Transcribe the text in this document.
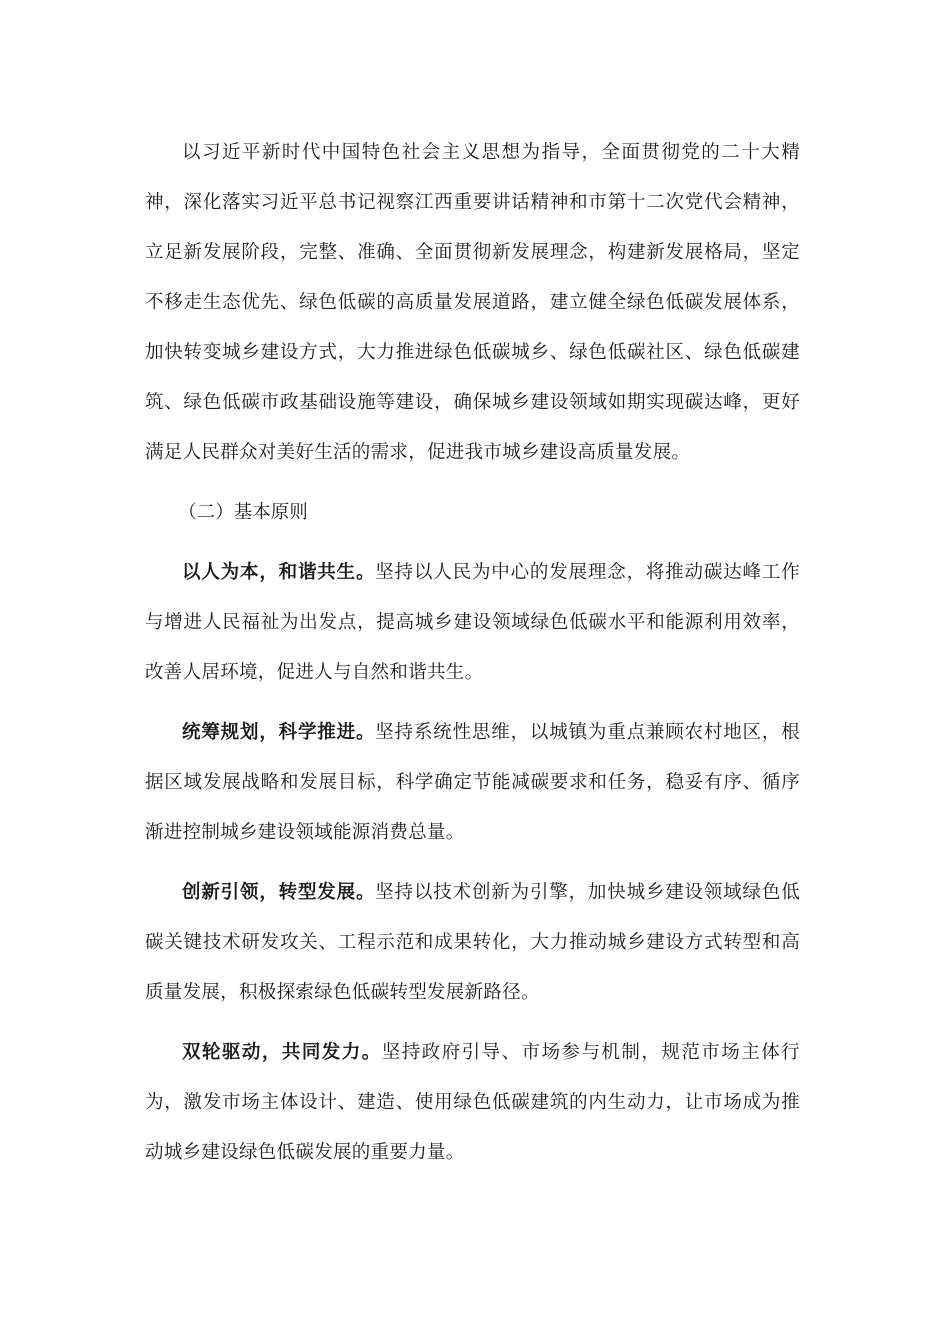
以习近平新时代中国特色社会主义思想为指导，全面贯彻党的二十大精神，深化落实习近平总书记视察江西重要讲话精神和市第十二次党代会精神，立足新发展阶段，完整、准确、全面贯彻新发展理念，构建新发展格局，坚定不移走生态优先、绿色低碳的高质量发展道路，建立健全绿色低碳发展体系，加快转变城乡建设方式，大力推进绿色低碳城乡、绿色低碳社区、绿色低碳建筑、绿色低碳市政基础设施等建设，确保城乡建设领域如期实现碳达峰，更好满足人民群众对美好生活的需求，促进我市城乡建设高质量发展。

（二）基本原则

以人为本，和谐共生。坚持以人民为中心的发展理念，将推动碳达峰工作与增进人民福祉为出发点，提高城乡建设领域绿色低碳水平和能源利用效率，改善人居环境，促进人与自然和谐共生。

统筹规划，科学推进。坚持系统性思维，以城镇为重点兼顾农村地区，根据区域发展战略和发展目标，科学确定节能减碳要求和任务，稳妥有序、循序渐进控制城乡建设领域能源消费总量。

创新引领，转型发展。坚持以技术创新为引擎，加快城乡建设领域绿色低碳关键技术研发攻关、工程示范和成果转化，大力推动城乡建设方式转型和高质量发展，积极探索绿色低碳转型发展新路径。

双轮驱动，共同发力。坚持政府引导、市场参与机制，规范市场主体行为，激发市场主体设计、建造、使用绿色低碳建筑的内生动力，让市场成为推动城乡建设绿色低碳发展的重要力量。
